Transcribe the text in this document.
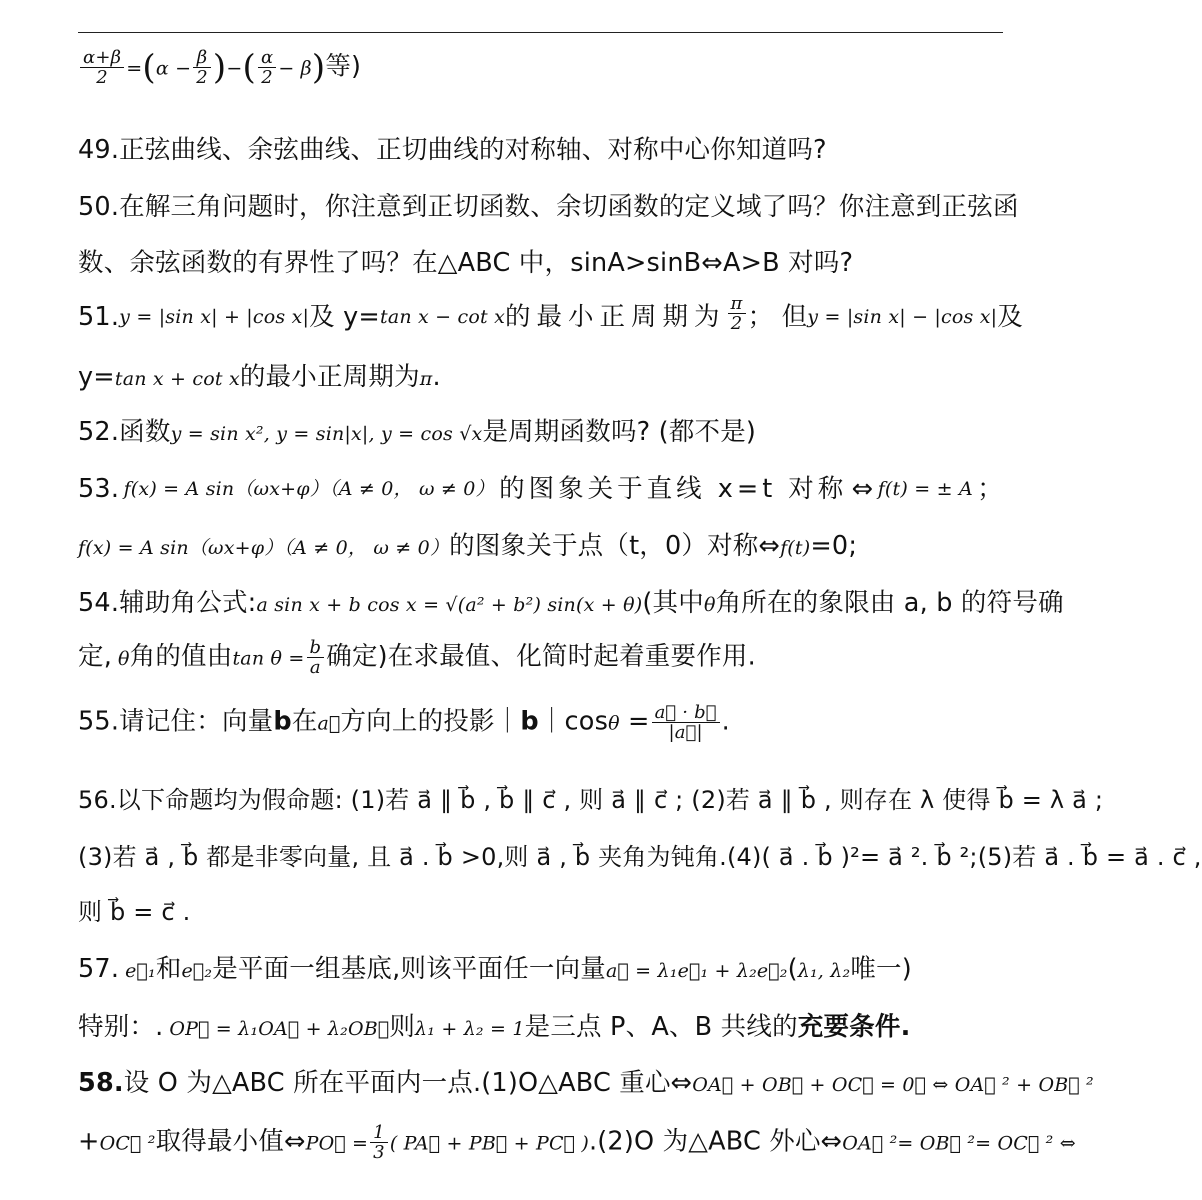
$\frac{\alpha+\beta}{2} =(\alpha - \frac{\beta}{2}$ )−( $\frac{\alpha}{2} - \beta$)等)
49.正弦曲线、余弦曲线、正切曲线的对称轴、对称中心你知道吗?
50.在解三角问题时，你注意到正切函数、余切函数的定义域了吗？你注意到正弦函
数、余弦函数的有界性了吗？在△ABC 中，sinA>sinB⇔A>B 对吗?
51. y = |sin x| + |cos x| 及 y= tan x − cot x 的最小正周期为 $\frac{\pi}{2}$ ； 但 y = |sin x| − |cos x| 及
y=tan x + cot x的最小正周期为π.
52.函数y = sin x², y = sin|x|, y = cos √x是周期函数吗? (都不是)
53. f(x) = A sin（ωx+φ）（A ≠ 0， ω ≠ 0） 的图象关于直线 x=t 对称 ⇔ f(t) = ± A ；
f(x) = A sin（ωx+φ）（A ≠ 0， ω ≠ 0）的图象关于点（t，0）对称⇔f(t)=0;
54.辅助角公式:a sin x + b cos x = √(a² + b²) sin(x + θ)(其中θ角所在的象限由 a, b 的符号确
定, θ角的值由$\tan \theta = \frac{b}{a}$ 确定)在求最值、化简时起着重要作用.
55.请记住：向量b在a⃗方向上的投影｜b｜cosθ = $\frac{a⃗ \cdot b⃗}{|a⃗|}$ .
56.以下命题均为假命题: (1)若 a⃗ ∥ b⃗ , b⃗ ∥ c⃗ , 则 a⃗ ∥ c⃗ ; (2)若 a⃗ ∥ b⃗ , 则存在 λ 使得 b⃗ = λ a⃗ ;
(3)若 a⃗ , b⃗ 都是非零向量, 且 a⃗ . b⃗ >0,则 a⃗ , b⃗ 夹角为钝角.(4)( a⃗ . b⃗ )²= a⃗ ². b⃗ ²;(5)若 a⃗ . b⃗ = a⃗ . c⃗ ,
则 b⃗ = c⃗ .
57. e⃗₁和e⃗₂是平面一组基底,则该平面任一向量a⃗ = λ₁e⃗₁ + λ₂e⃗₂(λ₁, λ₂唯一)
特别：. OP⃗ = λ₁OA⃗ + λ₂OB⃗则λ₁ + λ₂ = 1是三点 P、A、B 共线的充要条件.
58.设 O 为△ABC 所在平面内一点.(1)O△ABC 重心⇔OA⃗ + OB⃗ + OC⃗ = 0⃗ ⇔ OA⃗ ² + OB⃗ ²
+OC⃗ ²取得最小值⇔PO⃗ = $\frac{1}{3}$ ( PA⃗ + PB⃗ + PC⃗ ).(2)O 为△ABC 外心⇔OA⃗ ²= OB⃗ ²= OC⃗ ² ⇔
